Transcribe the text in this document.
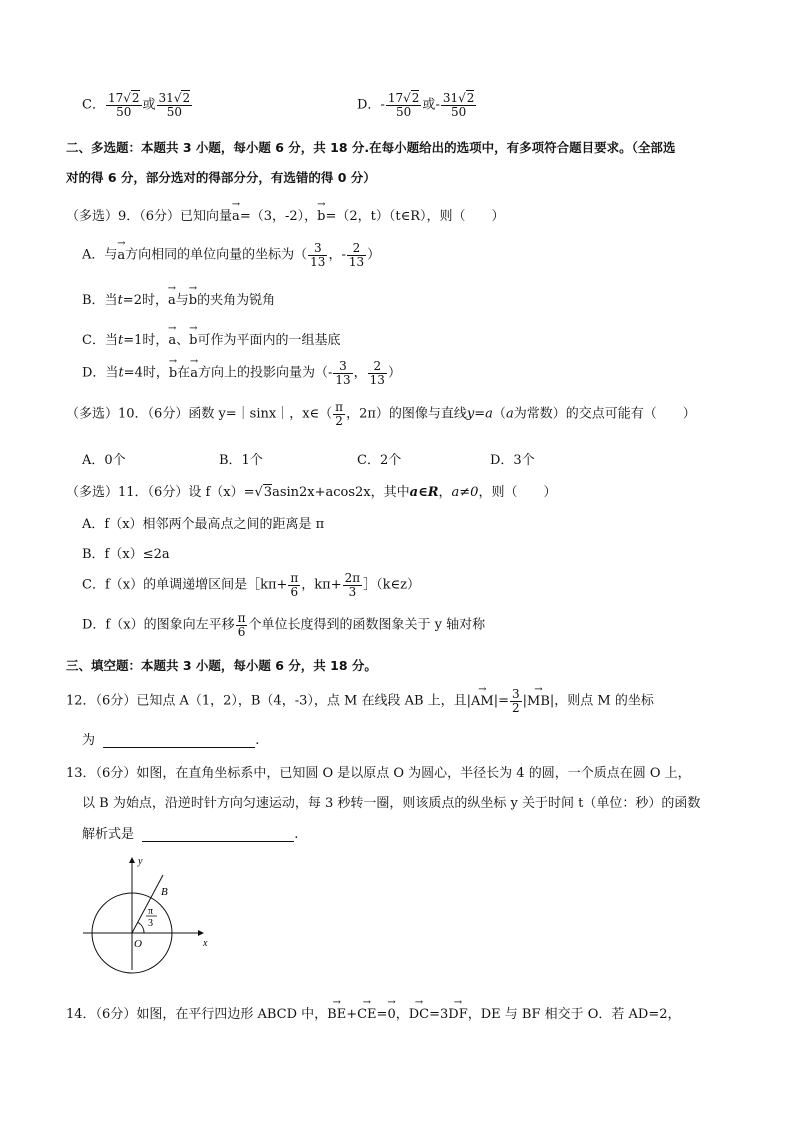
C． $\frac{17√2}{50}$ 或 $\frac{31√2}{50}$	D．- $\frac{17√2}{50}$ 或- $\frac{31√2}{50}$
二、多选题：本题共 3 小题，每小题 6 分，共 18 分.在每小题给出的选项中，有多项符合题目要求。（全部选
对的得 6 分，部分选对的得部分分，有选错的得 0 分）
（多选）9．（6分）已知向量→ a=（3，-2），→ b=（2，t）（t∈R），则（　　）
A．与→ a方向相同的单位向量的坐标为（ $\frac{3}{13}$ ，- $\frac{2}{13}$ ）
B．当t=2时，→ a与→ b的夹角为锐角
C．当t=1时，→ a、→ b可作为平面内的一组基底
D．当t=4时，→ b在→ a方向上的投影向量为（- $\frac{3}{13}$ ， $\frac{2}{13}$ ）
（多选）10．（6分）函数 y=｜sinx｜，x∈（ $\frac{\pi}{2}$ ，2π）的图像与直线y=a（a为常数）的交点可能有（　　）
A．0个	B．1个	C．2个	D．3个
（多选）11．（6分）设 f（x）=√3asin2x+acos2x，其中a∈R，a≠0，则（　　）
A．f（x）相邻两个最高点之间的距离是 π
B．f（x）≤2a
C．f（x）的单调递增区间是［kπ+ $\frac{\pi}{6}$ ，$k\pi+ \frac{2\pi}{3}$ ］（k∈z）
D．f（x）的图象向左平移 $\frac{\pi}{6}$ 个单位长度得到的函数图象关于 y 轴对称
三、填空题：本题共 3 小题，每小题 6 分，共 18 分。
12．（6分）已知点 A（1，2），B（4，-3），点 M 在线段 AB 上，且|→ $AM|= \frac{3}{2}$ |→ MB|，则点 M 的坐标
为	.
13．（6分）如图，在直角坐标系中，已知圆 O 是以原点 O 为圆心，半径长为 4 的圆，一个质点在圆 O 上，
以 B 为始点，沿逆时针方向匀速运动，每 3 秒转一圈，则该质点的纵坐标 y 关于时间 t（单位：秒）的函数
解析式是	.
y
x
O
B
π
3
14．（6分）如图，在平行四边形 ABCD 中，→ BE+→ CE=→ 0，→ DC=3→ DF，DE 与 BF 相交于 O．若 AD=2，
